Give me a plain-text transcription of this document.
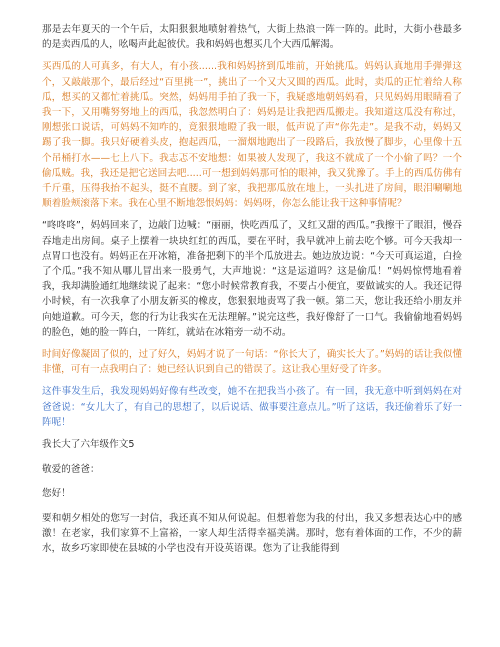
那是去年夏天的一个午后，太阳狠狠地喷射着热气，大街上热浪一阵一阵的。此时，大街小巷最多的是卖西瓜的人，吆喝声此起彼伏。我和妈妈也想买几个大西瓜解渴。

买西瓜的人可真多，有大人，有小孩......我和妈妈挤到瓜堆前，开始挑瓜。妈妈认真地用手弹弹这个，又敲敲那个，最后经过“百里挑一”，挑出了一个又大又圆的西瓜。此时，卖瓜的正忙着给人称瓜，想买的又都忙着挑瓜。突然，妈妈用手拍了我一下，我疑惑地朝妈妈看，只见妈妈用眼睛看了我一下，又用嘴努努地上的西瓜，我忽然明白了：妈妈是让我把西瓜搬走。我知道这瓜没有称过，刚想张口说话，可妈妈不知咋的，竟狠狠地瞪了我一眼，低声说了声“你先走”。是我不动，妈妈又踢了我一脚。我只好硬着头皮，抱起西瓜，一溜烟地跑出了一段路后，我放慢了脚步，心里像十五个吊桶打水——七上八下。我志忑不安地想：如果被人发现了，我这不就成了一个小偷了吗？一个偷瓜贼。我，我还是把它送回去吧.....可一想到妈妈那可怕的眼神，我又犹豫了。手上的西瓜仿佛有千斤重，压得我抬不起头，挺不直腰。到了家，我把那瓜放在地上，一头扎进了房间，眼泪唰唰地顺着脸颊滚落下来。我在心里不断地怨恨妈妈：妈妈呀，你怎么能让我干这种事情呢？

“咚咚咚”，妈妈回来了，边敲门边喊：“丽丽，快吃西瓜了，又红又甜的西瓜。”我擦干了眼泪，慢吞吞地走出房间。桌子上摆着一块块红红的西瓜，要在平时，我早就冲上前去吃个够。可今天我却一点胃口也没有。妈妈正在开冰箱，准备把剩下的半个瓜放进去。她边放边说：“今天可真运道，白捡了个瓜。”我不知从哪儿冒出来一股勇气，大声地说：“这是运道吗？这是偷瓜！”妈妈惊愕地看着我，我却满脸通红地继续说了起来：“您小时候常教育我，不要占小便宜，要做诚实的人。我还记得小时候，有一次我拿了小朋友新买的橡皮，您狠狠地责骂了我一顿。第二天，您让我还给小朋友并向她道歉。可今天，您的行为让我实在无法理解。”说完这些，我好像舒了一口气。我偷偷地看妈妈的脸色，她的脸一阵白，一阵红，就站在冰箱旁一动不动。

时间好像凝固了似的，过了好久，妈妈才说了一句话：“你长大了，确实长大了。”妈妈的话让我似懂非懂，可有一点我明白了：她已经认识到自己的错误了。这让我心里好受了许多。

这件事发生后，我发现妈妈好像有些改变，她不在把我当小孩了。有一回，我无意中听到妈妈在对爸爸说：“女儿大了，有自己的思想了，以后说话、做事要注意点儿。”听了这话，我还偷着乐了好一阵呢！

我长大了六年级作文5

敬爱的爸爸：

您好！

要和朝夕相处的您写一封信，我还真不知从何说起。但想着您为我的付出，我又多想表达心中的感激！在老家，我们家算不上富裕，一家人却生活得幸福美满。那时，您有着体面的工作，不少的薪水，故乡巧家即使在县城的小学也没有开设英语课。您为了让我能得到
